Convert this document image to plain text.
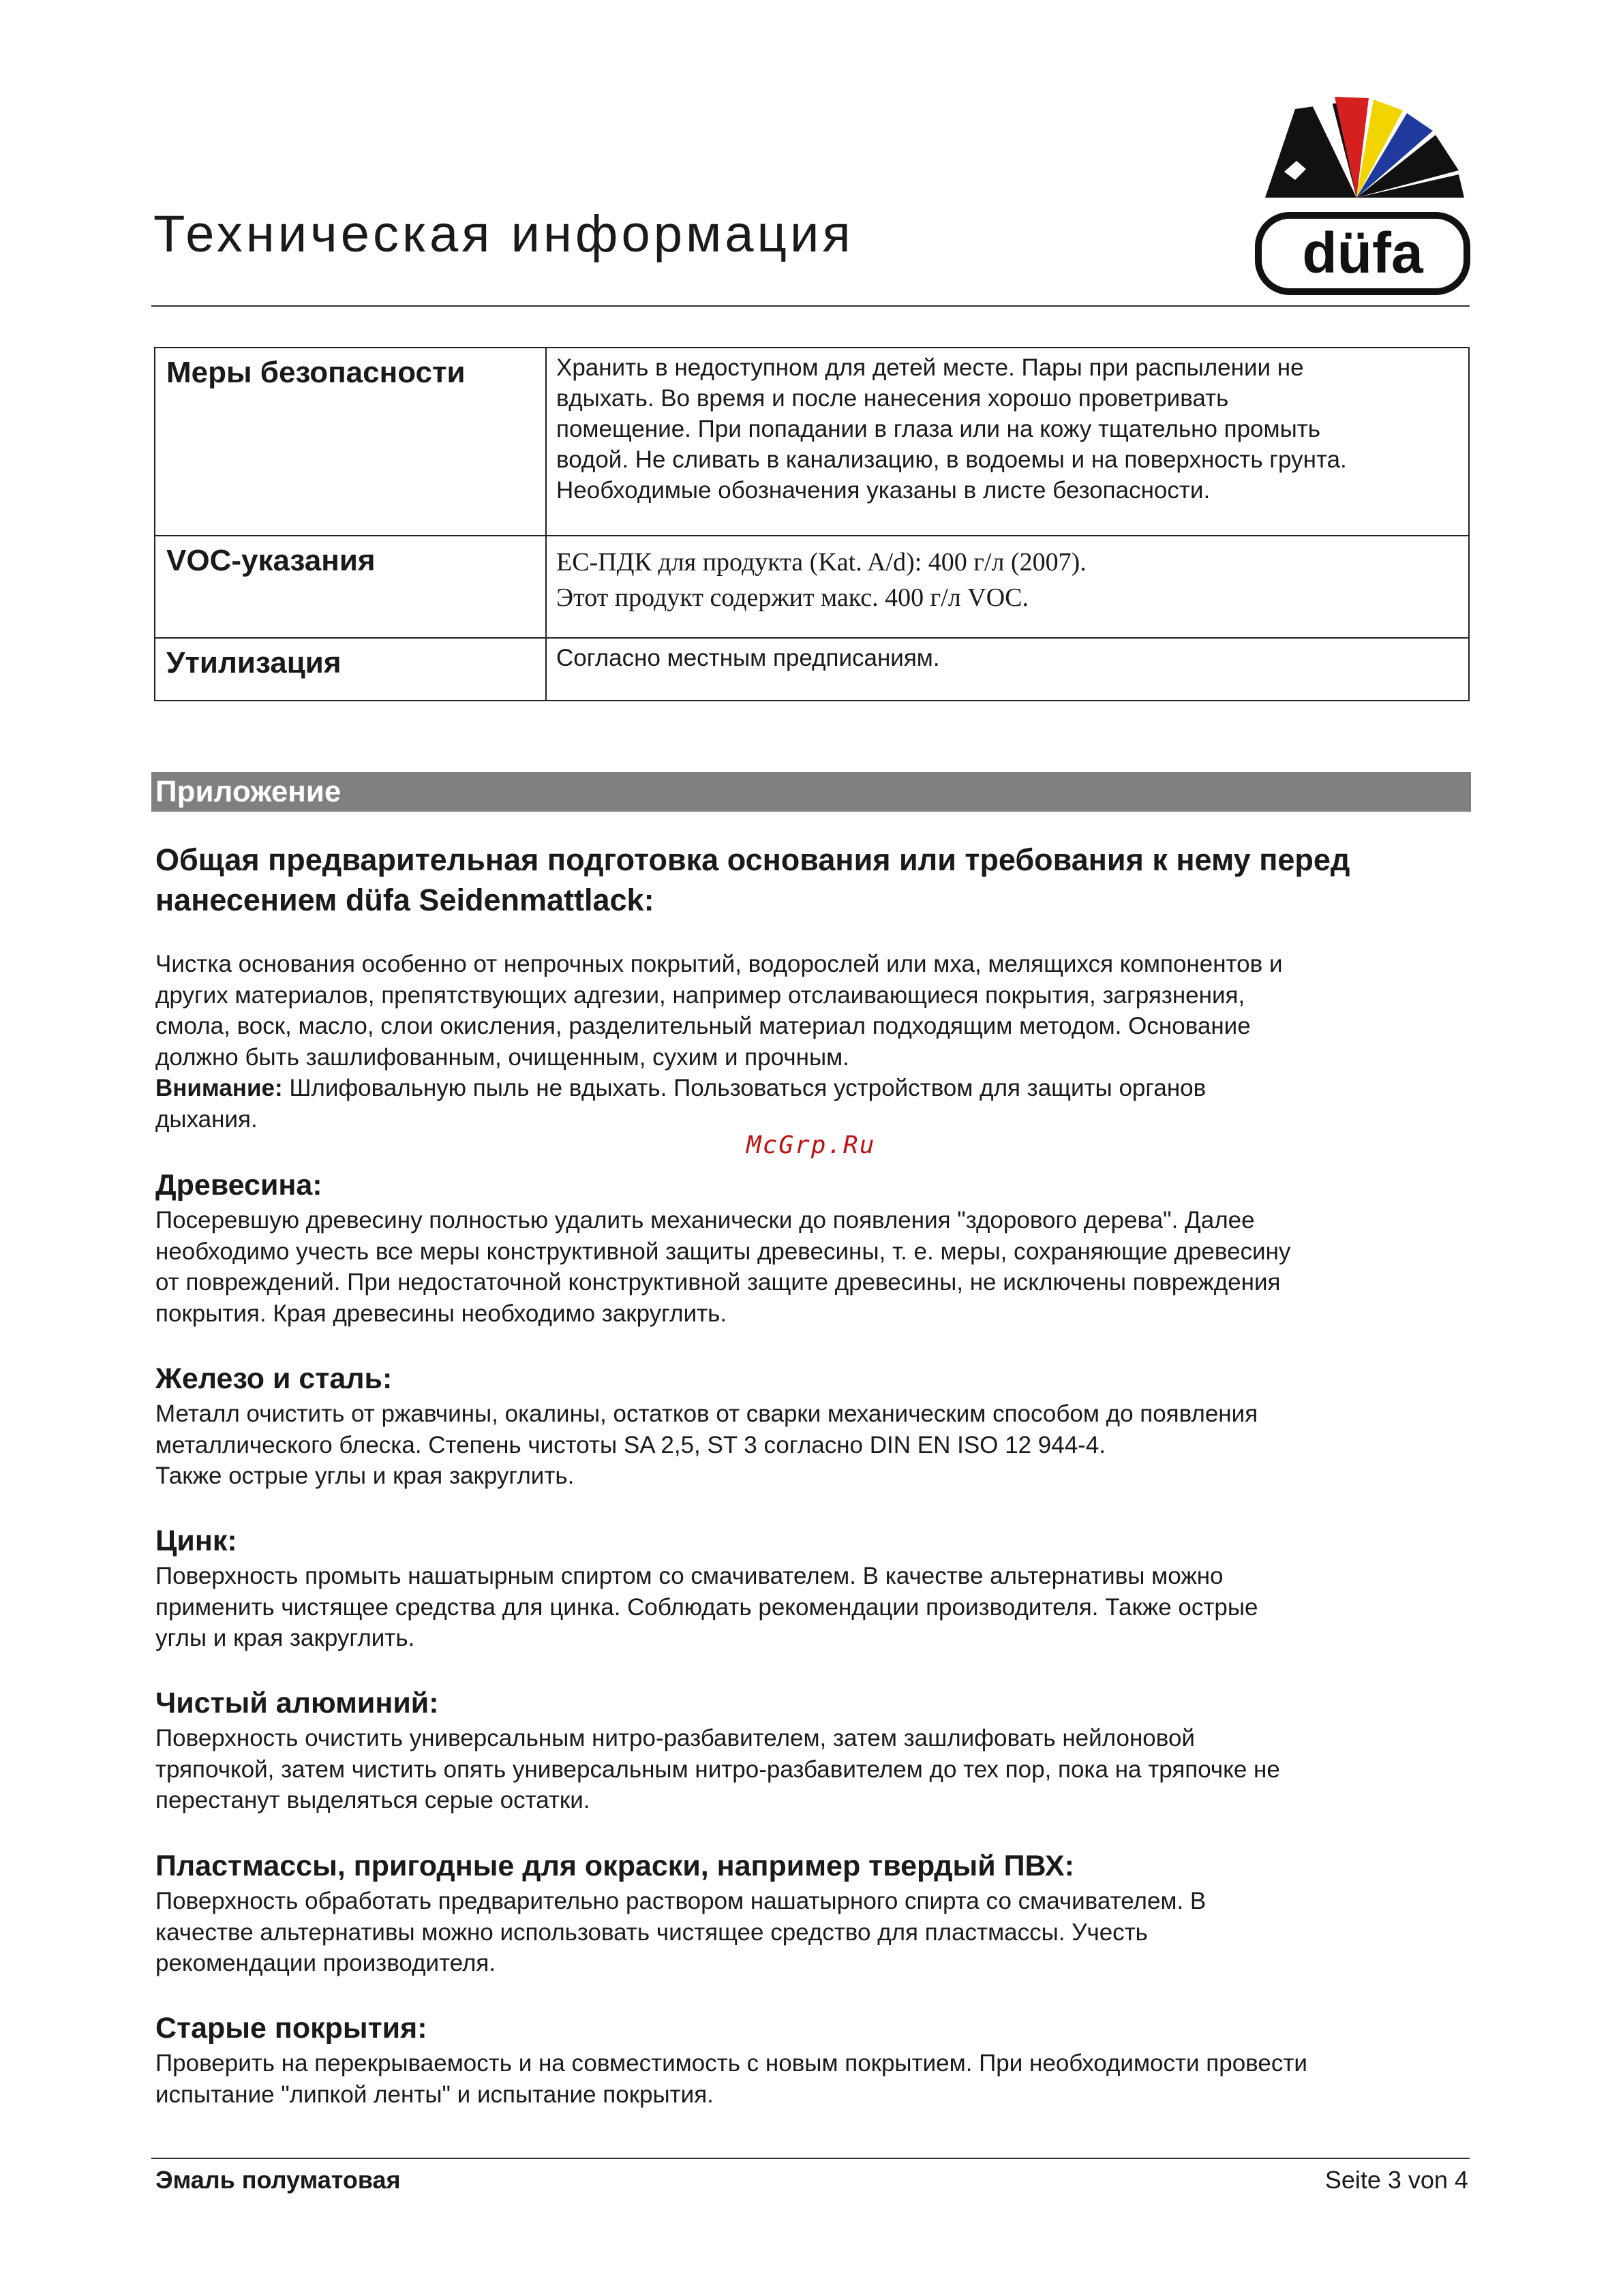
Техническая информация	düfa
Меры безопасности	Хранить в недоступном для детей месте. Пары при распылении не
вдыхать. Во время и после нанесения хорошо проветривать
помещение. При попадании в глаза или на кожу тщательно промыть
водой. Не сливать в канализацию, в водоемы и на поверхность грунта.
Необходимые обозначения указаны в листе безопасности.

VOC-указания	ЕС-ПДК для продукта (Kat. A/d): 400 г/л (2007).
Этот продукт содержит макс. 400 г/л VOC.

Утилизация	Согласно местным предписаниям.
Приложение
Общая предварительная подготовка основания или требования к нему перед
нанесением düfa Seidenmattlack:
Чистка основания особенно от непрочных покрытий, водорослей или мха, мелящихся компонентов и
других материалов, препятствующих адгезии, например отслаивающиеся покрытия, загрязнения,
смола, воск, масло, слои окисления, разделительный материал подходящим методом. Основание
должно быть зашлифованным, очищенным, сухим и прочным.
Внимание: Шлифовальную пыль не вдыхать. Пользоваться устройством для защиты органов
дыхания.
McGrp.Ru
Древесина:
Посеревшую древесину полностью удалить механически до появления "здорового дерева". Далее
необходимо учесть все меры конструктивной защиты древесины, т. е. меры, сохраняющие древесину
от повреждений. При недостаточной конструктивной защите древесины, не исключены повреждения
покрытия. Края древесины необходимо закруглить.
Железо и сталь:
Металл очистить от ржавчины, окалины, остатков от сварки механическим способом до появления
металлического блеска. Степень чистоты SA 2,5, ST 3 согласно DIN EN ISO 12 944-4.
Также острые углы и края закруглить.
Цинк:
Поверхность промыть нашатырным спиртом со смачивателем. В качестве альтернативы можно
применить чистящее средства для цинка. Соблюдать рекомендации производителя. Также острые
углы и края закруглить.
Чистый алюминий:
Поверхность очистить универсальным нитро-разбавителем, затем зашлифовать нейлоновой
тряпочкой, затем чистить опять универсальным нитро-разбавителем до тех пор, пока на тряпочке не
перестанут выделяться серые остатки.
Пластмассы, пригодные для окраски, например твердый ПВХ:
Поверхность обработать предварительно раствором нашатырного спирта со смачивателем. В
качестве альтернативы можно использовать чистящее средство для пластмассы. Учесть
рекомендации производителя.
Старые покрытия:
Проверить на перекрываемость и на совместимость с новым покрытием. При необходимости провести
испытание "липкой ленты" и испытание покрытия.
Эмаль полуматовая	Seite 3 von 4
